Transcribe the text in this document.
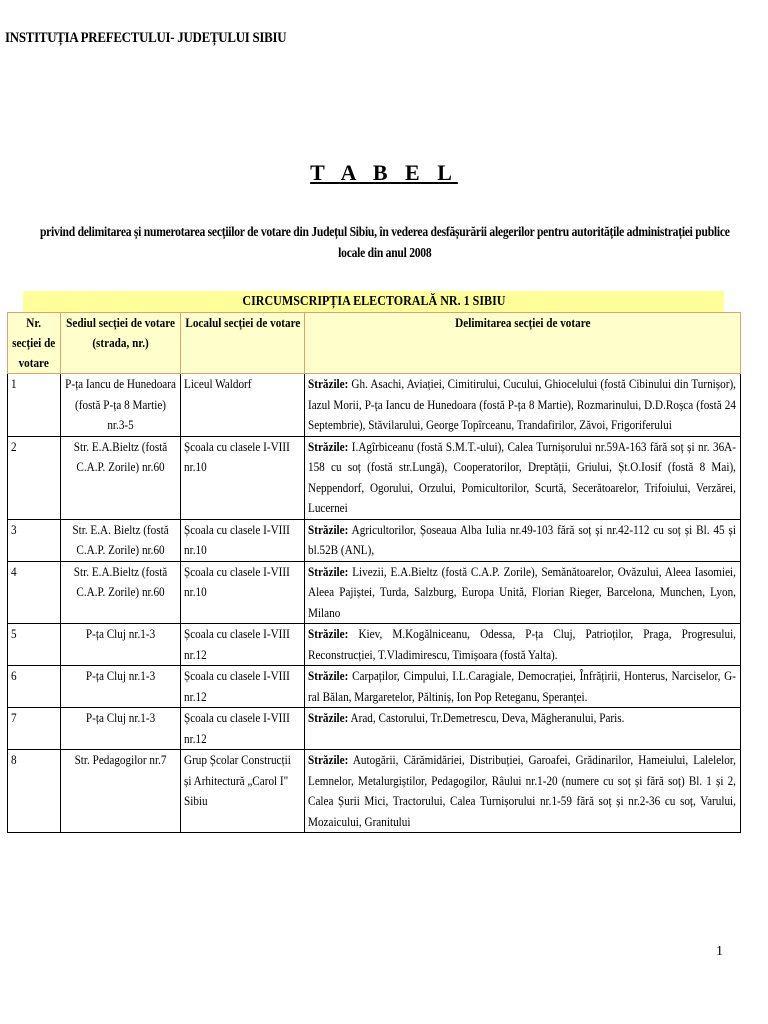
INSTITUȚIA PREFECTULUI- JUDEȚULUI SIBIU
T A B E L
privind delimitarea și numerotarea secțiilor de votare din Județul Sibiu, în vederea desfășurării alegerilor pentru autoritățile administrației publice locale din anul 2008
CIRCUMSCRIPȚIA ELECTORALĂ NR. 1 SIBIU
Nr. secției de votare	Sediul secției de votare (strada, nr.)	Localul secției de votare	Delimitarea secției de votare

1	P-ța Iancu de Hunedoara (fostă P-ța 8 Martie) nr.3-5	Liceul Waldorf	Străzile: Gh. Asachi, Aviației, Cimitirului, Cucului, Ghiocelului (fostă Cibinului din Turnișor), Iazul Morii, P-ța Iancu de Hunedoara (fostă P-ța 8 Martie), Rozmarinului, D.D.Roșca (fostă 24 Septembrie), Stăvilarului, George Topîrceanu, Trandafirilor, Zăvoi, Frigoriferului

2	Str. E.A.Bieltz (fostă C.A.P. Zorile) nr.60	Școala cu clasele I-VIII nr.10	Străzile: I.Agîrbiceanu (fostă S.M.T.-ului), Calea Turnișorului nr.59A-163 fără soț și nr. 36A-158 cu soț (fostă str.Lungă), Cooperatorilor, Dreptății, Griului, Șt.O.Iosif (fostă 8 Mai), Neppendorf, Ogorului, Orzului, Pomicultorilor, Scurtă, Secerătoarelor, Trifoiului, Verzărei, Lucernei

3	Str. E.A. Bieltz (fostă C.A.P. Zorile) nr.60	Școala cu clasele I-VIII nr.10	Străzile: Agricultorilor, Șoseaua Alba Iulia nr.49-103 fără soț și nr.42-112 cu soț și Bl. 45 și bl.52B (ANL),

4	Str. E.A.Bieltz (fostă C.A.P. Zorile) nr.60	Școala cu clasele I-VIII nr.10	Străzile: Livezii, E.A.Bieltz (fostă C.A.P. Zorile), Semănătoarelor, Ovăzului, Aleea Iasomiei, Aleea Pajiștei, Turda, Salzburg, Europa Unită, Florian Rieger, Barcelona, Munchen, Lyon, Milano

5	P-ța Cluj nr.1-3	Școala cu clasele I-VIII nr.12	Străzile: Kiev, M.Kogălniceanu, Odessa, P-ța Cluj, Patrioților, Praga, Progresului, Reconstrucției, T.Vladimirescu, Timișoara (fostă Yalta).

6	P-ța Cluj nr.1-3	Școala cu clasele I-VIII nr.12	Străzile: Carpaților, Cimpului, I.L.Caragiale, Democrației, Înfrățirii, Honterus, Narciselor, G-ral Bălan, Margaretelor, Păltiniș, Ion Pop Reteganu, Speranței.

7	P-ța Cluj nr.1-3	Școala cu clasele I-VIII nr.12	Străzile: Arad, Castorului, Tr.Demetrescu, Deva, Măgheranului, Paris.

8	Str. Pedagogilor nr.7	Grup Școlar Construcții și Arhitectură „Carol I" Sibiu	Străzile: Autogării, Cărămidăriei, Distribuției, Garoafei, Grădinarilor, Hameiului, Lalelelor, Lemnelor, Metalurgiștilor, Pedagogilor, Râului nr.1-20 (numere cu soț și fără soț) Bl. 1 și 2, Calea Șurii Mici, Tractorului, Calea Turnișorului nr.1-59 fără soț și nr.2-36 cu soț, Varului, Mozaicului, Granitului
1
